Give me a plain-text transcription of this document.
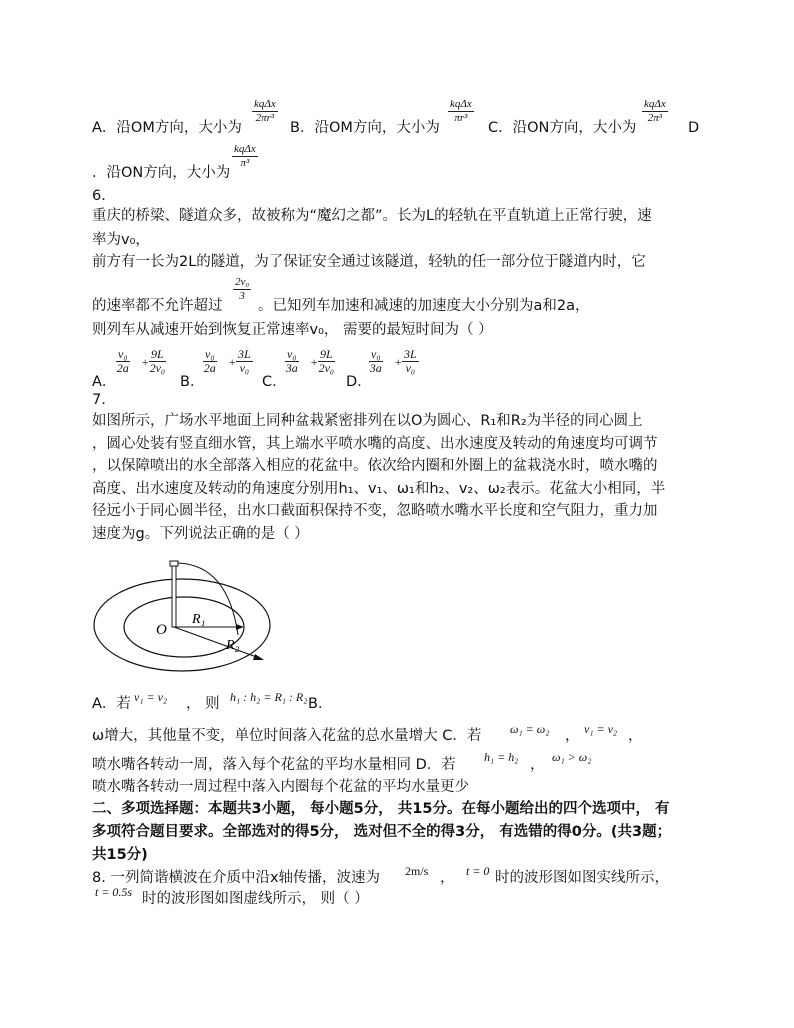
A．沿OM方向，大小为
kqΔx
2πr³
B．沿OM方向，大小为
kqΔx
πr³
C．沿ON方向，大小为
kqΔx
2π³
D
．沿ON方向，大小为
kqΔx
π³
6.
重庆的桥梁、隧道众多，故被称为“魔幻之都”。长为L的轻轨在平直轨道上正常行驶，速
率为v₀，
前方有一长为2L的隧道，为了保证安全通过该隧道，轻轨的任一部分位于隧道内时，它
的速率都不允许超过
2v₀
3
。已知列车加速和减速的加速度大小分别为a和2a，
则列车从减速开始到恢复正常速率v₀， 需要的最短时间为（ ）
A．
v₀
2a +
9L
2v₀
B．
v₀
2a +
3L
v₀
C．
v₀
3a +
9L
2v₀
D．
v₀
3a +
3L
v₀
7.
如图所示，广场水平地面上同种盆栽紧密排列在以O为圆心、R₁和R₂为半径的同心圆上
，圆心处装有竖直细水管，其上端水平喷水嘴的高度、出水速度及转动的角速度均可调节
，以保障喷出的水全部落入相应的花盆中。依次给内圈和外圈上的盆栽浇水时，喷水嘴的
高度、出水速度及转动的角速度分别用h₁、v₁、ω₁和h₂、v₂、ω₂表示。花盆大小相同，半
径远小于同心圆半径，出水口截面积保持不变，忽略喷水嘴水平长度和空气阻力，重力加
速度为g。下列说法正确的是（ ）
O
R₁
R₂
A．若 v₁ = v₂ ， 则 h₁ : h₂ = R₁ : R₂ B．
ω增大，其他量不变，单位时间落入花盆的总水量增大 C．若 ω₁ = ω₂ ， v₁ = v₂ ，
喷水嘴各转动一周，落入每个花盆的平均水量相同 D．若 h₁ = h₂ ， ω₁ > ω₂
喷水嘴各转动一周过程中落入内圈每个花盆的平均水量更少
二、多项选择题：本题共3小题， 每小题5分， 共15分。在每小题给出的四个选项中， 有
多项符合题目要求。全部选对的得5分， 选对但不全的得3分， 有选错的得0分。(共3题；
共15分)
8. 一列简谐横波在介质中沿x轴传播，波速为 2m/s ， t = 0 时的波形图如图实线所示，
t = 0.5s 时的波形图如图虚线所示， 则（ ）
